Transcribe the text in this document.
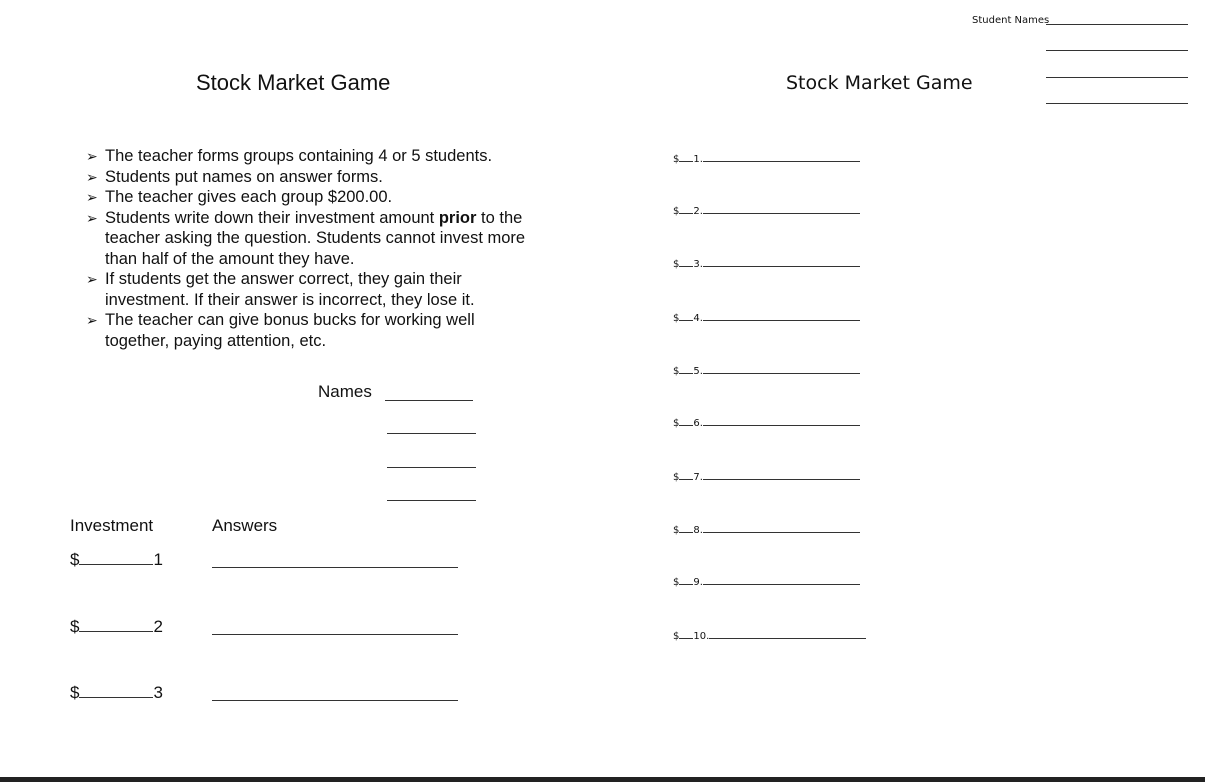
Student Names
Stock Market Game	Stock Market Game
➢ The teacher forms groups containing 4 or 5 students.
➢ Students put names on answer forms.
➢ The teacher gives each group $200.00.
➢ Students write down their investment amount prior to the teacher asking the question. Students cannot invest more than half of the amount they have.
➢ If students get the answer correct, they gain their investment. If their answer is incorrect, they lose it.
➢ The teacher can give bonus bucks for working well together, paying attention, etc.
Names
Investment	Answers
$	1
$	2
$	3
$ 1.
$ 2.
$ 3.
$ 4.
$ 5.
$ 6.
$ 7.
$ 8.
$ 9.
$ 10.
